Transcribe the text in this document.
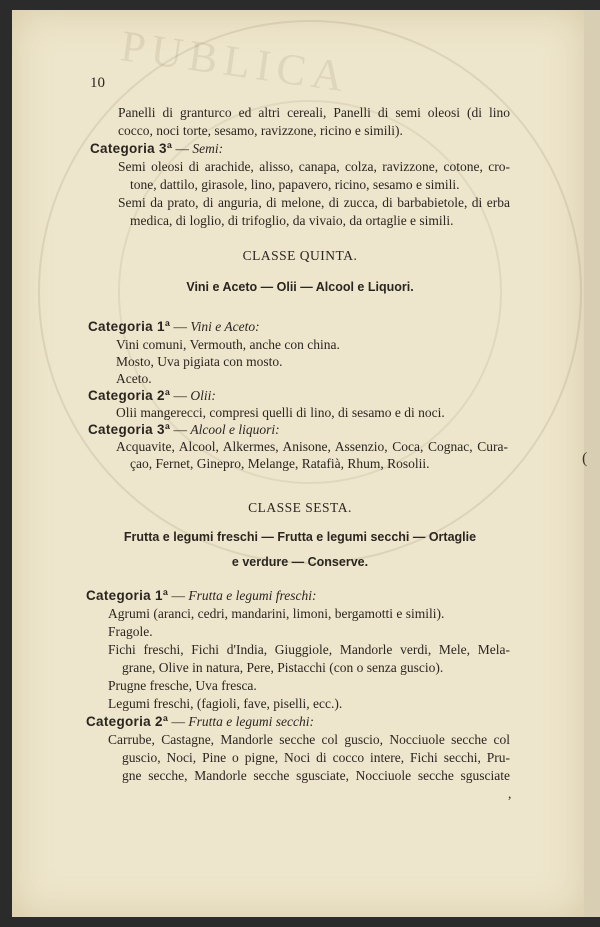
10

Panelli di granturco ed altri cereali, Panelli di semi oleosi (di lino

cocco, noci torte, sesamo, ravizzone, ricino e simili).

Categoria 3ª — Semi:

Semi oleosi di arachide, alisso, canapa, colza, ravizzone, cotone, cro-

tone, dattilo, girasole, lino, papavero, ricino, sesamo e simili.

Semi da prato, di anguria, di melone, di zucca, di barbabietole, di erba

medica, di loglio, di trifoglio, da vivaio, da ortaglie e simili.

CLASSE QUINTA.
Vini e Aceto — Olii — Alcool e Liquori.

Categoria 1ª — Vini e Aceto:

Vini comuni, Vermouth, anche con china.

Mosto, Uva pigiata con mosto.

Aceto.

Categoria 2ª — Olii:

Olii mangerecci, compresi quelli di lino, di sesamo e di noci.

Categoria 3ª — Alcool e liquori:

Acquavite, Alcool, Alkermes, Anisone, Assenzio, Coca, Cognac, Cura-

çao, Fernet, Ginepro, Melange, Ratafià, Rhum, Rosolii.

CLASSE SESTA.
Frutta e legumi freschi — Frutta e legumi secchi — Ortaglie
e verdure — Conserve.

Categoria 1ª — Frutta e legumi freschi:

Agrumi (aranci, cedri, mandarini, limoni, bergamotti e simili).

Fragole.

Fichi freschi, Fichi d'India, Giuggiole, Mandorle verdi, Mele, Mela-

grane, Olive in natura, Pere, Pistacchi (con o senza guscio).

Prugne fresche, Uva fresca.

Legumi freschi, (fagioli, fave, piselli, ecc.).

Categoria 2ª — Frutta e legumi secchi:

Carrube, Castagne, Mandorle secche col guscio, Nocciuole secche col

guscio, Noci, Pine o pigne, Noci di cocco intere, Fichi secchi, Pru-

gne secche, Mandorle secche sgusciate, Nocciuole secche sgusciate

,

(
